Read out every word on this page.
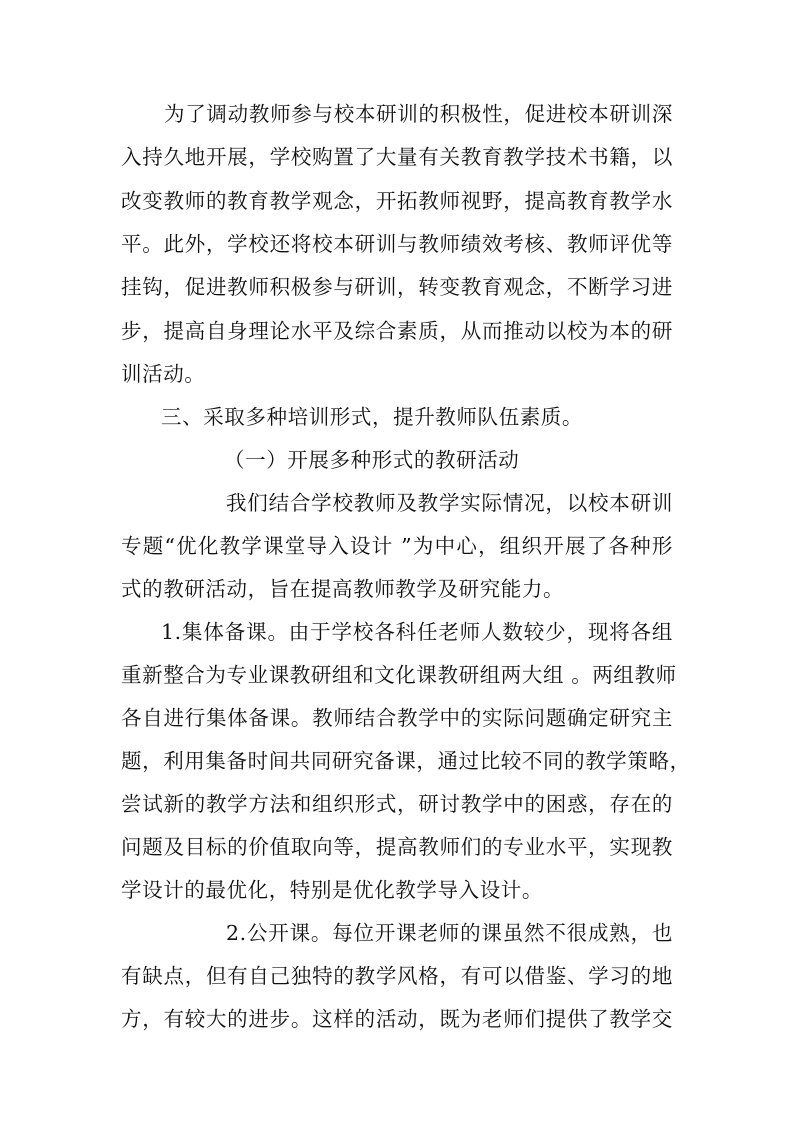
为了调动教师参与校本研训的积极性，促进校本研训深
入持久地开展，学校购置了大量有关教育教学技术书籍，以
改变教师的教育教学观念，开拓教师视野，提高教育教学水
平。此外，学校还将校本研训与教师绩效考核、教师评优等
挂钩，促进教师积极参与研训，转变教育观念，不断学习进
步，提高自身理论水平及综合素质，从而推动以校为本的研
训活动。
三、采取多种培训形式，提升教师队伍素质。
（一）开展多种形式的教研活动
我们结合学校教师及教学实际情况，以校本研训
专题“优化教学课堂导入设计 ”为中心，组织开展了各种形
式的教研活动，旨在提高教师教学及研究能力。
1.集体备课。由于学校各科任老师人数较少，现将各组
重新整合为专业课教研组和文化课教研组两大组 。两组教师
各自进行集体备课。教师结合教学中的实际问题确定研究主
题，利用集备时间共同研究备课，通过比较不同的教学策略，
尝试新的教学方法和组织形式，研讨教学中的困惑，存在的
问题及目标的价值取向等，提高教师们的专业水平，实现教
学设计的最优化，特别是优化教学导入设计。
2.公开课。每位开课老师的课虽然不很成熟，也
有缺点，但有自己独特的教学风格，有可以借鉴、学习的地
方，有较大的进步。这样的活动，既为老师们提供了教学交
